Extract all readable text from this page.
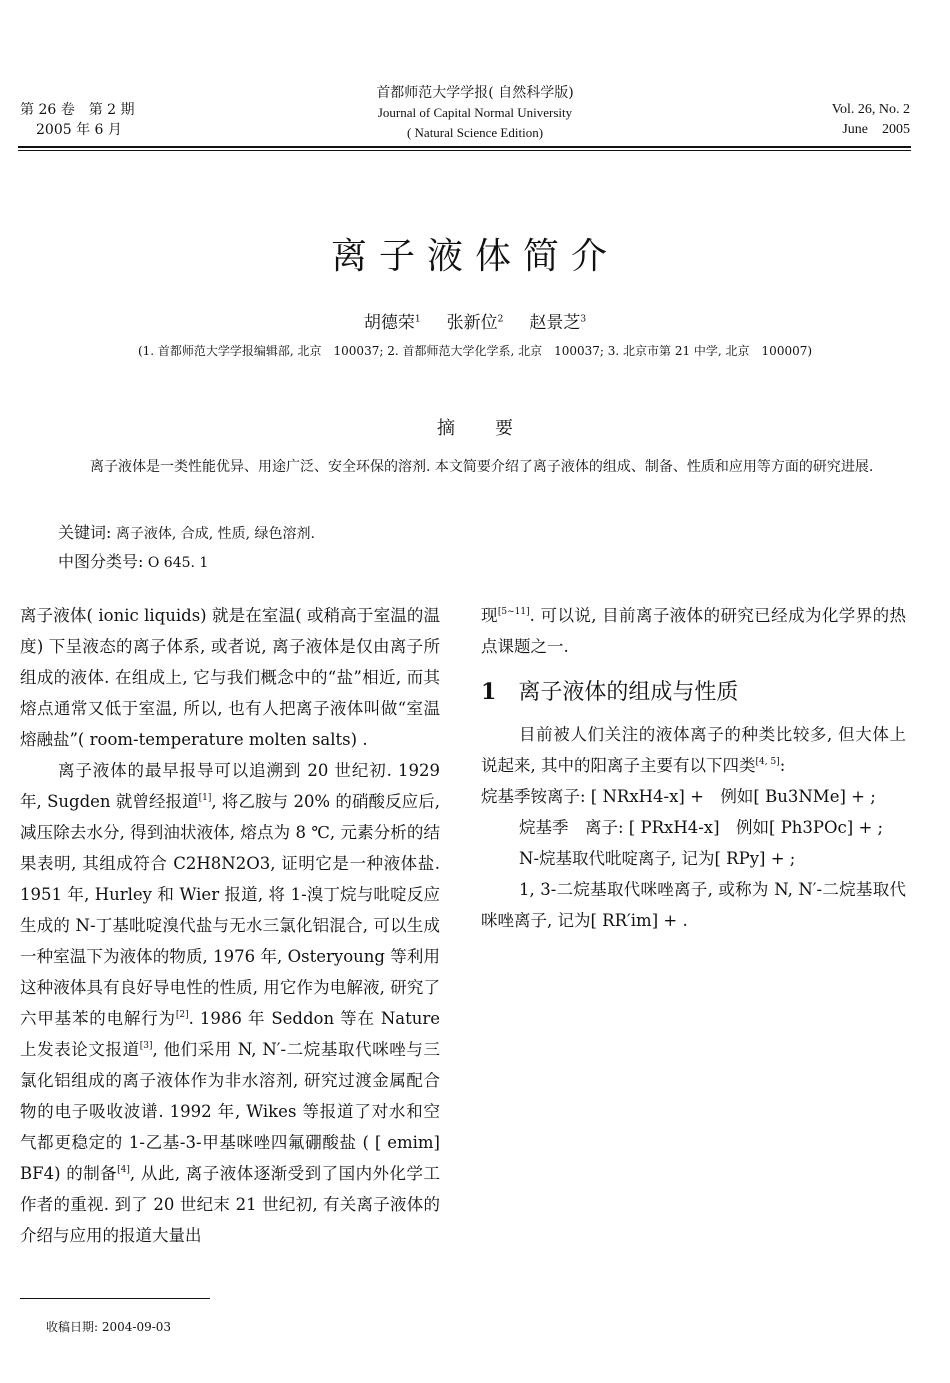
第 26 卷　第 2 期
2005 年 6 月
首都师范大学学报( 自然科学版)
Journal of Capital Normal University
( Natural Science Edition)
Vol. 26, No. 2
June　2005
离子液体简介
胡德荣$^1$ 张新位$^2$ 赵景芝$^3$
(1. 首都师范大学学报编辑部, 北京　100037; 2. 首都师范大学化学系, 北京　100037; 3. 北京市第 21 中学, 北京　100007)
摘要
离子液体是一类性能优异、用途广泛、安全环保的溶剂. 本文简要介绍了离子液体的组成、制备、性质和应用等方面的研究进展.
关键词: 离子液体, 合成, 性质, 绿色溶剂.
中图分类号: O 645. 1

离子液体( ionic liquids) 就是在室温( 或稍高于室温的温度) 下呈液态的离子体系, 或者说, 离子液体是仅由离子所组成的液体. 在组成上, 它与我们概念中的“盐”相近, 而其熔点通常又低于室温, 所以, 也有人把离子液体叫做“室温熔融盐”( room-temperature molten salts) .

离子液体的最早报导可以追溯到 20 世纪初. 1929 年, Sugden 就曾经报道[1], 将乙胺与 20% 的硝酸反应后, 减压除去水分, 得到油状液体, 熔点为 8 ℃, 元素分析的结果表明, 其组成符合 C2H8N2O3, 证明它是一种液体盐. 1951 年, Hurley 和 Wier 报道, 将 1-溴丁烷与吡啶反应生成的 N-丁基吡啶溴代盐与无水三氯化铝混合, 可以生成一种室温下为液体的物质, 1976 年, Osteryoung 等利用这种液体具有良好导电性的性质, 用它作为电解液, 研究了六甲基苯的电解行为[2]. 1986 年 Seddon 等在 Nature 上发表论文报道[3], 他们采用 N, N′-二烷基取代咪唑与三氯化铝组成的离子液体作为非水溶剂, 研究过渡金属配合物的电子吸收波谱. 1992 年, Wikes 等报道了对水和空气都更稳定的 1-乙基-3-甲基咪唑四氟硼酸盐 ( [ emim] BF4) 的制备[4], 从此, 离子液体逐渐受到了国内外化学工作者的重视. 到了 20 世纪末 21 世纪初, 有关离子液体的介绍与应用的报道大量出

现[5~11]. 可以说, 目前离子液体的研究已经成为化学界的热点课题之一.

1 离子液体的组成与性质

目前被人们关注的液体离子的种类比较多, 但大体上说起来, 其中的阳离子主要有以下四类[4, 5]:

烷基季铵离子: [ NRxH4-x] +　例如[ Bu3NMe] + ;

烷基季　离子: [ PRxH4-x]　例如[ Ph3POc] + ;

N-烷基取代吡啶离子, 记为[ RPy] + ;

1, 3-二烷基取代咪唑离子, 或称为 N, N′-二烷基取代咪唑离子, 记为[ RR′im] + .

收稿日期: 2004-09-03
